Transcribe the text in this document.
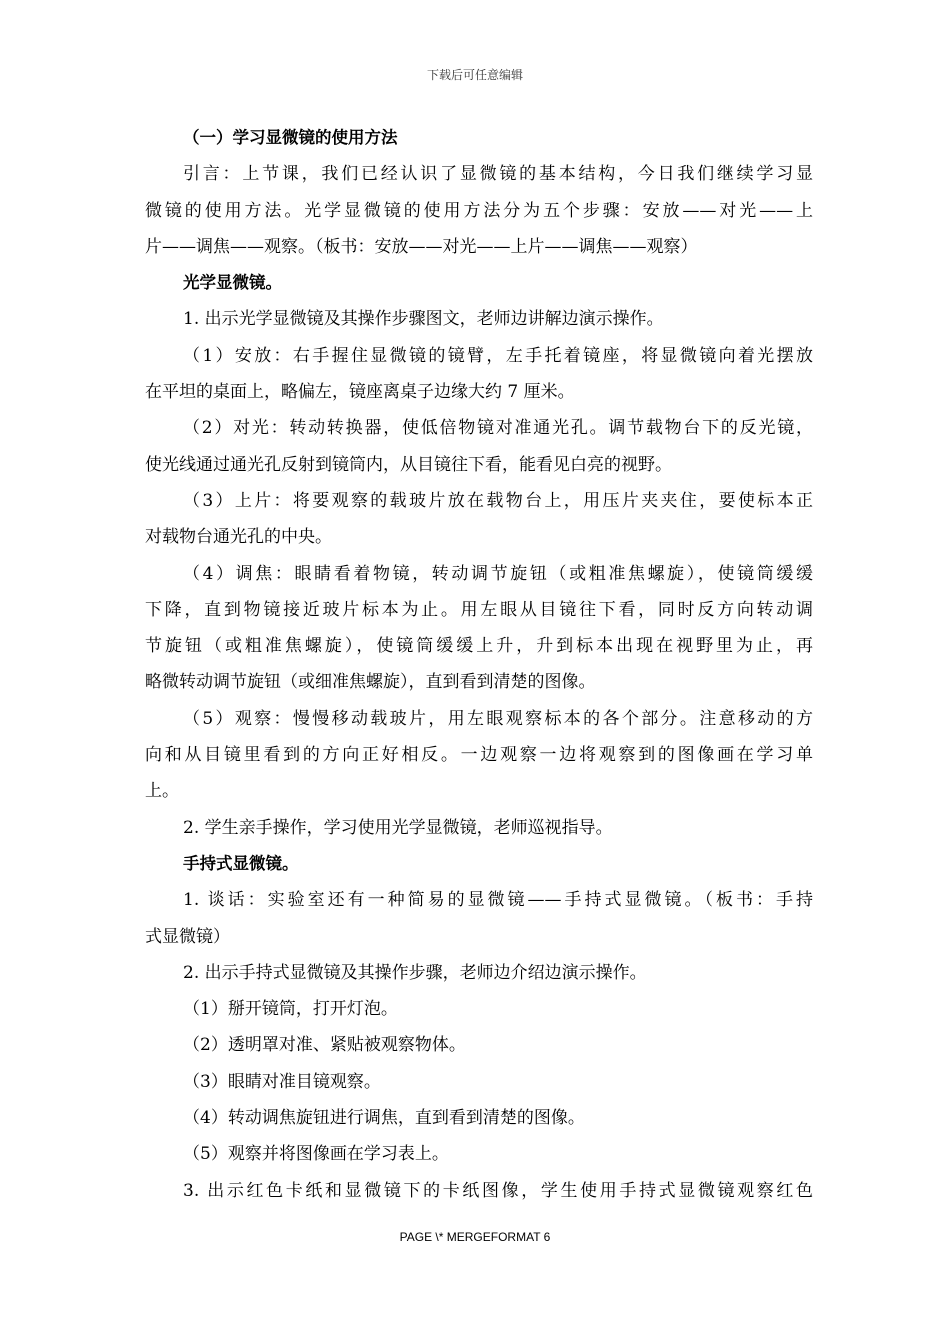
下载后可任意编辑

（一）学习显微镜的使用方法

引言：上节课，我们已经认识了显微镜的基本结构，今日我们继续学习显

微镜的使用方法。光学显微镜的使用方法分为五个步骤：安放——对光——上

片——调焦——观察。（板书：安放——对光——上片——调焦——观察）

光学显微镜。

1. 出示光学显微镜及其操作步骤图文，老师边讲解边演示操作。

（1）安放：右手握住显微镜的镜臂，左手托着镜座，将显微镜向着光摆放

在平坦的桌面上，略偏左，镜座离桌子边缘大约 7 厘米。

（2）对光：转动转换器，使低倍物镜对准通光孔。调节载物台下的反光镜，

使光线通过通光孔反射到镜筒内，从目镜往下看，能看见白亮的视野。

（3）上片：将要观察的载玻片放在载物台上，用压片夹夹住，要使标本正

对载物台通光孔的中央。

（4）调焦：眼睛看着物镜，转动调节旋钮（或粗准焦螺旋），使镜筒缓缓

下降，直到物镜接近玻片标本为止。用左眼从目镜往下看，同时反方向转动调

节旋钮（或粗准焦螺旋），使镜筒缓缓上升，升到标本出现在视野里为止，再

略微转动调节旋钮（或细准焦螺旋），直到看到清楚的图像。

（5）观察：慢慢移动载玻片，用左眼观察标本的各个部分。注意移动的方

向和从目镜里看到的方向正好相反。一边观察一边将观察到的图像画在学习单

上。

2. 学生亲手操作，学习使用光学显微镜，老师巡视指导。

手持式显微镜。

1. 谈话：实验室还有一种简易的显微镜——手持式显微镜。（板书：手持

式显微镜）

2. 出示手持式显微镜及其操作步骤，老师边介绍边演示操作。

（1）掰开镜筒，打开灯泡。

（2）透明罩对准、紧贴被观察物体。

（3）眼睛对准目镜观察。

（4）转动调焦旋钮进行调焦，直到看到清楚的图像。

（5）观察并将图像画在学习表上。

3. 出示红色卡纸和显微镜下的卡纸图像，学生使用手持式显微镜观察红色

PAGE \* MERGEFORMAT 6
